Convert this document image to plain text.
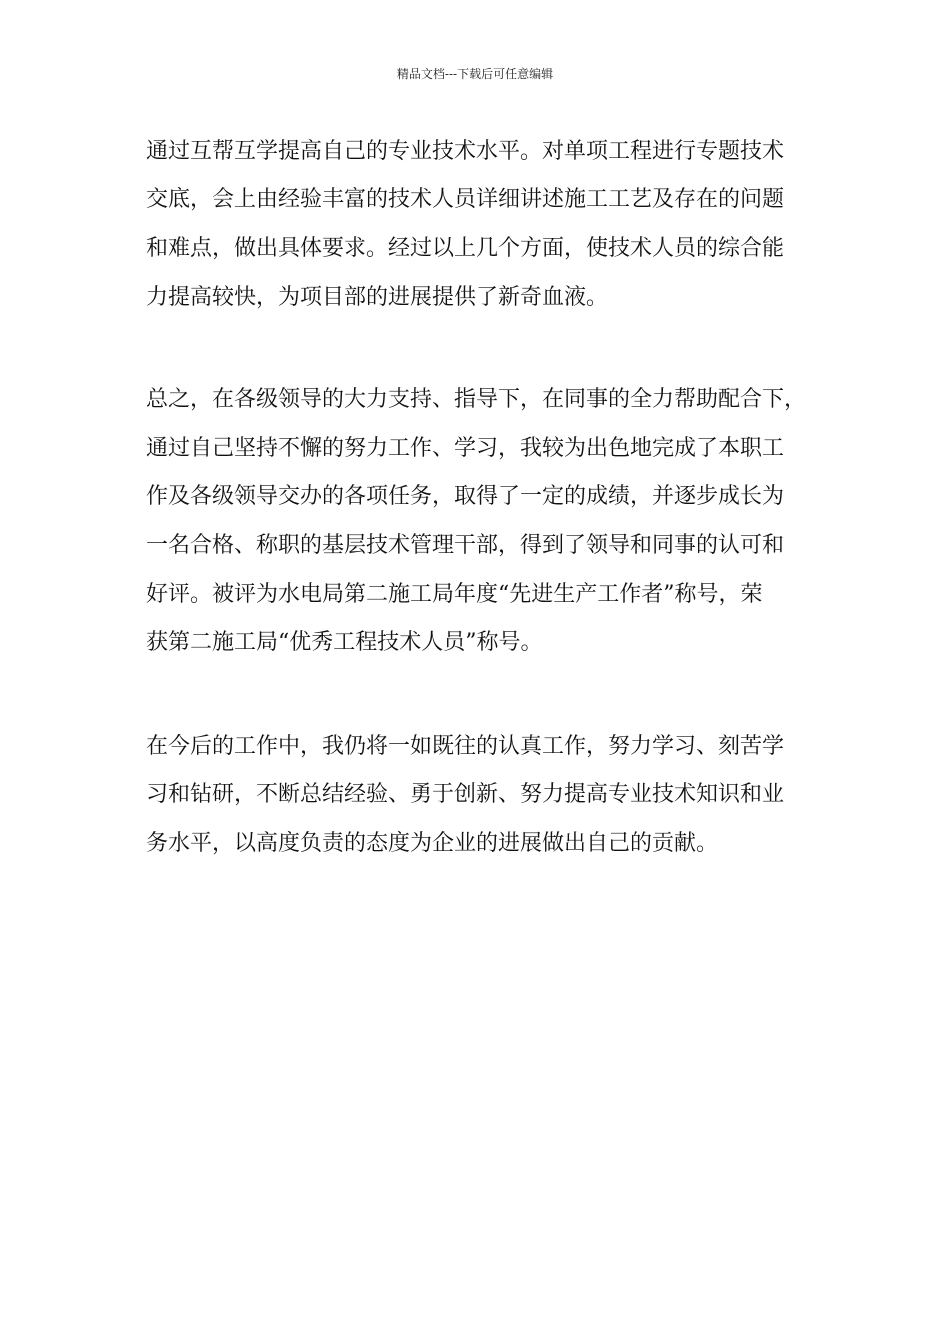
精品文档---下载后可任意编辑
通过互帮互学提高自己的专业技术水平。对单项工程进行专题技术
交底，会上由经验丰富的技术人员详细讲述施工工艺及存在的问题
和难点，做出具体要求。经过以上几个方面，使技术人员的综合能
力提高较快，为项目部的进展提供了新奇血液。
总之，在各级领导的大力支持、指导下，在同事的全力帮助配合下，
通过自己坚持不懈的努力工作、学习，我较为出色地完成了本职工
作及各级领导交办的各项任务，取得了一定的成绩，并逐步成长为
一名合格、称职的基层技术管理干部，得到了领导和同事的认可和
好评。被评为水电局第二施工局年度“先进生产工作者”称号，荣
获第二施工局“优秀工程技术人员”称号。
在今后的工作中，我仍将一如既往的认真工作，努力学习、刻苦学
习和钻研，不断总结经验、勇于创新、努力提高专业技术知识和业
务水平，以高度负责的态度为企业的进展做出自己的贡献。
